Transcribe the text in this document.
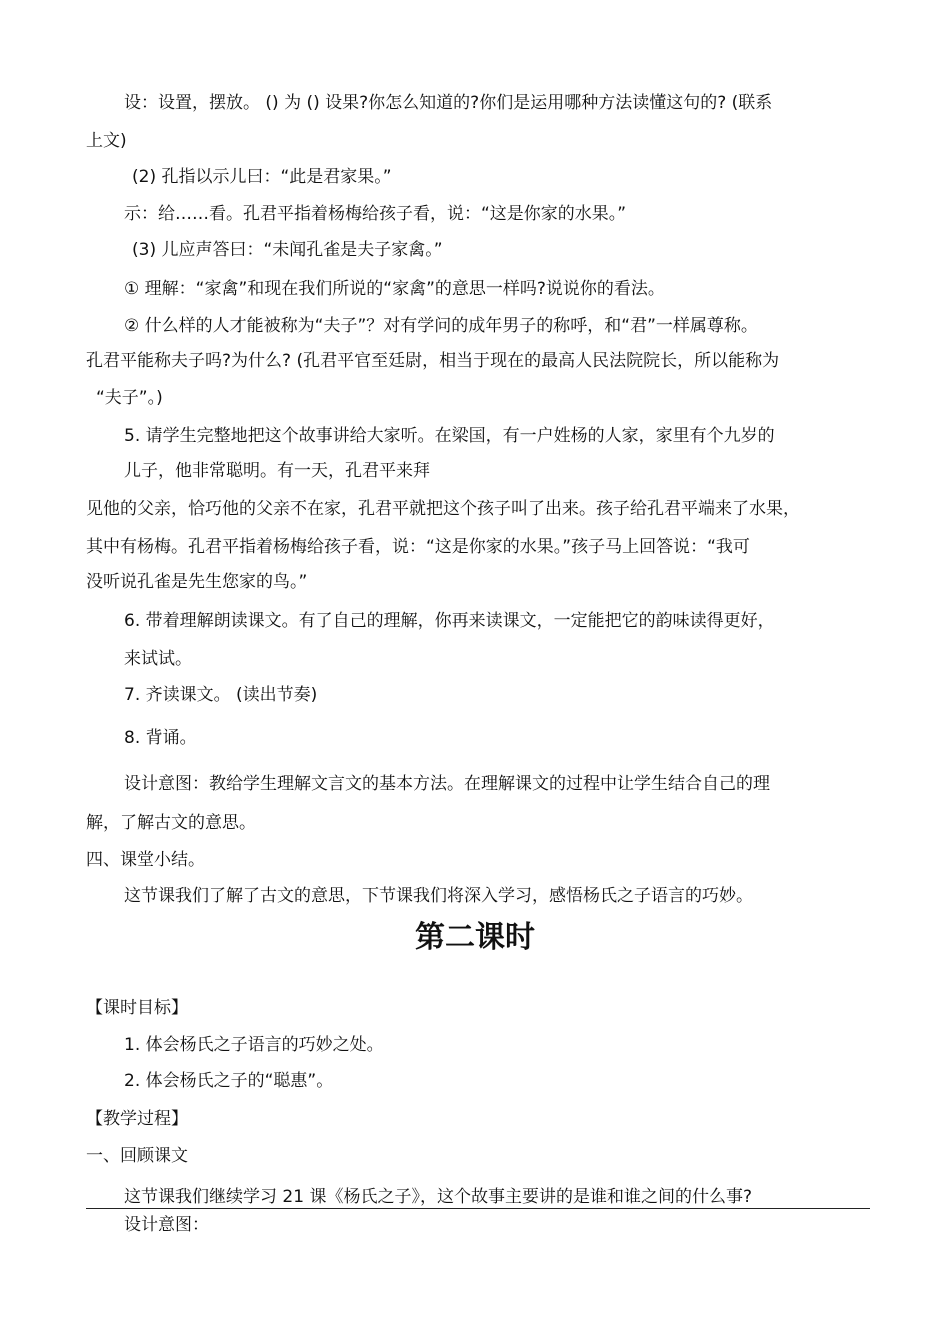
设：设置，摆放。 () 为 () 设果?你怎么知道的?你们是运用哪种方法读懂这句的? (联系
上文)
(2) 孔指以示儿曰：“此是君家果。”
示：给……看。孔君平指着杨梅给孩子看，说：“这是你家的水果。”
(3) 儿应声答曰：“未闻孔雀是夫子家禽。”
① 理解：“家禽”和现在我们所说的“家禽”的意思一样吗?说说你的看法。
② 什么样的人才能被称为“夫子”？对有学问的成年男子的称呼，和“君”一样属尊称。
孔君平能称夫子吗?为什么? (孔君平官至廷尉，相当于现在的最高人民法院院长，所以能称为
“夫子”。)
5. 请学生完整地把这个故事讲给大家听。在梁国，有一户姓杨的人家，家里有个九岁的
儿子，他非常聪明。有一天，孔君平来拜
见他的父亲，恰巧他的父亲不在家，孔君平就把这个孩子叫了出来。孩子给孔君平端来了水果，
其中有杨梅。孔君平指着杨梅给孩子看，说：“这是你家的水果。”孩子马上回答说：“我可
没听说孔雀是先生您家的鸟。”
6. 带着理解朗读课文。有了自己的理解，你再来读课文，一定能把它的韵味读得更好，
来试试。
7. 齐读课文。 (读出节奏)
8. 背诵。
设计意图：教给学生理解文言文的基本方法。在理解课文的过程中让学生结合自己的理
解，了解古文的意思。
四、课堂小结。
这节课我们了解了古文的意思，下节课我们将深入学习，感悟杨氏之子语言的巧妙。
第二课时
【课时目标】
1. 体会杨氏之子语言的巧妙之处。
2. 体会杨氏之子的“聪惠”。
【教学过程】
一、回顾课文
这节课我们继续学习 21 课《杨氏之子》，这个故事主要讲的是谁和谁之间的什么事?
设计意图：
